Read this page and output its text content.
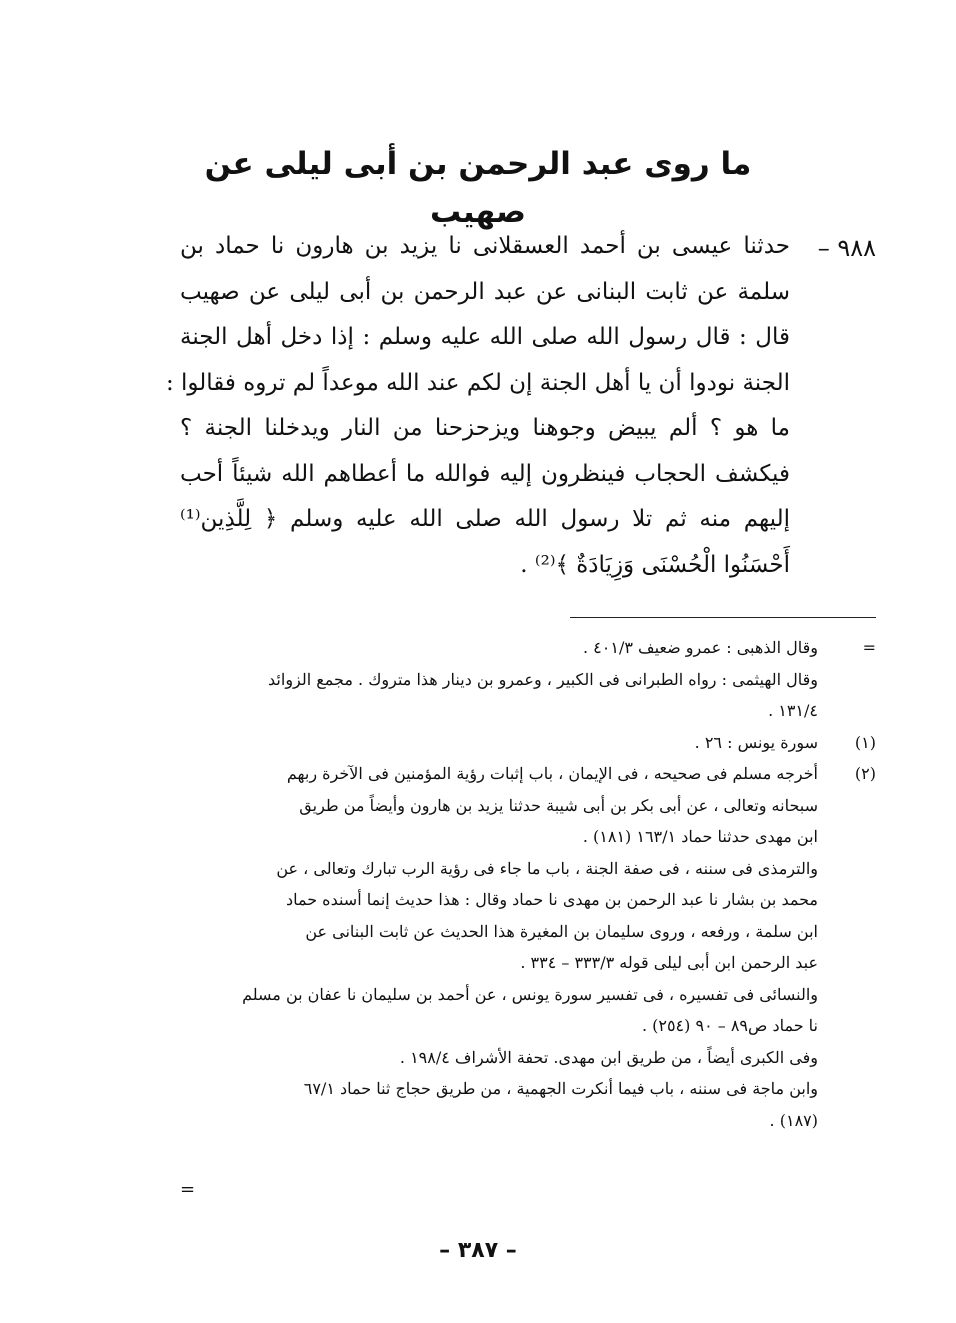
ما روى عبد الرحمن بن أبى ليلى عن صهيب
٩٨٨ –
حدثنا عيسى بن أحمد العسقلانى نا يزيد بن هارون نا حماد بن
سلمة عن ثابت البنانى عن عبد الرحمن بن أبى ليلى عن صهيب
قال : قال رسول الله صلى الله عليه وسلم : إذا دخل أهل الجنة
الجنة نودوا أن يا أهل الجنة إن لكم عند الله موعداً لم تروه فقالوا :
ما هو ؟ ألم يبيض وجوهنا ويزحزحنا من النار ويدخلنا الجنة ؟
فيكشف الحجاب فينظرون إليه فوالله ما أعطاهم الله شيئاً أحب
إليهم منه ثم تلا رسول الله صلى الله عليه وسلم ﴿ لِلَّذِين⁽¹⁾
أَحْسَنُوا الْحُسْنَى وَزِيَادَةٌ ﴾⁽²⁾ .
=
وقال الذهبى : عمرو ضعيف ٤٠١/٣ .
وقال الهيثمى : رواه الطبرانى فى الكبير ، وعمرو بن دينار هذا متروك . مجمع الزوائد
١٣١/٤ .
(١)
سورة يونس : ٢٦ .
(٢)
أخرجه مسلم فى صحيحه ، فى الإيمان ، باب إثبات رؤية المؤمنين فى الآخرة ربهم
سبحانه وتعالى ، عن أبى بكر بن أبى شيبة حدثنا يزيد بن هارون وأيضاً من طريق
ابن مهدى حدثنا حماد ١٦٣/١ (١٨١) .
والترمذى فى سننه ، فى صفة الجنة ، باب ما جاء فى رؤية الرب تبارك وتعالى ، عن
محمد بن بشار نا عبد الرحمن بن مهدى نا حماد وقال : هذا حديث إنما أسنده حماد
ابن سلمة ، ورفعه ، وروى سليمان بن المغيرة هذا الحديث عن ثابت البنانى عن
عبد الرحمن ابن أبى ليلى قوله ٣٣٣/٣ – ٣٣٤ .
والنسائى فى تفسيره ، فى تفسير سورة يونس ، عن أحمد بن سليمان نا عفان بن مسلم
نا حماد ص٨٩ – ٩٠ (٢٥٤) .
وفى الكبرى أيضاً ، من طريق ابن مهدى. تحفة الأشراف ١٩٨/٤ .
وابن ماجة فى سننه ، باب فيما أنكرت الجهمية ، من طريق حجاج ثنا حماد ٦٧/١
(١٨٧) .
=
– ٣٨٧ –
